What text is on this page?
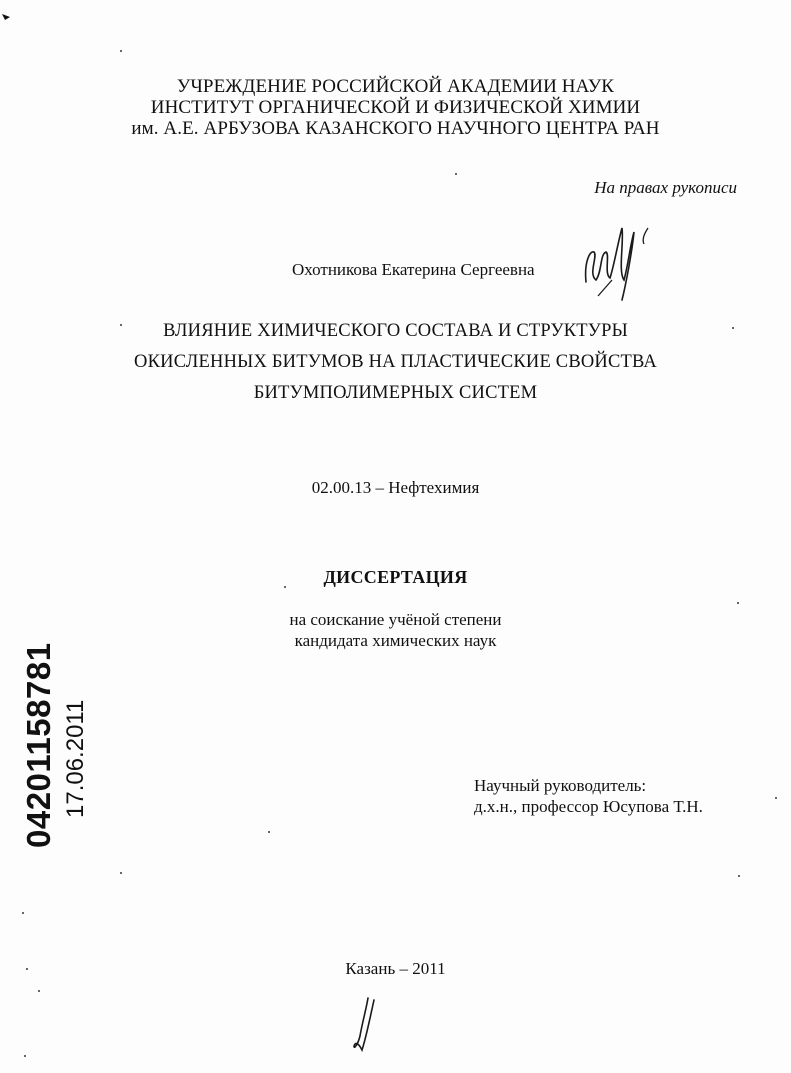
УЧРЕЖДЕНИЕ РОССИЙСКОЙ АКАДЕМИИ НАУК
ИНСТИТУТ ОРГАНИЧЕСКОЙ И ФИЗИЧЕСКОЙ ХИМИИ
им. А.Е. АРБУЗОВА КАЗАНСКОГО НАУЧНОГО ЦЕНТРА РАН
На правах рукописи
Охотникова Екатерина Сергеевна
ВЛИЯНИЕ ХИМИЧЕСКОГО СОСТАВА И СТРУКТУРЫ
ОКИСЛЕННЫХ БИТУМОВ НА ПЛАСТИЧЕСКИЕ СВОЙСТВА
БИТУМПОЛИМЕРНЫХ СИСТЕМ
02.00.13 – Нефтехимия
ДИССЕРТАЦИЯ
на соискание учёной степени
кандидата химических наук
Научный руководитель:
д.х.н., профессор Юсупова Т.Н.
Казань – 2011
04201158781 17.06.2011
